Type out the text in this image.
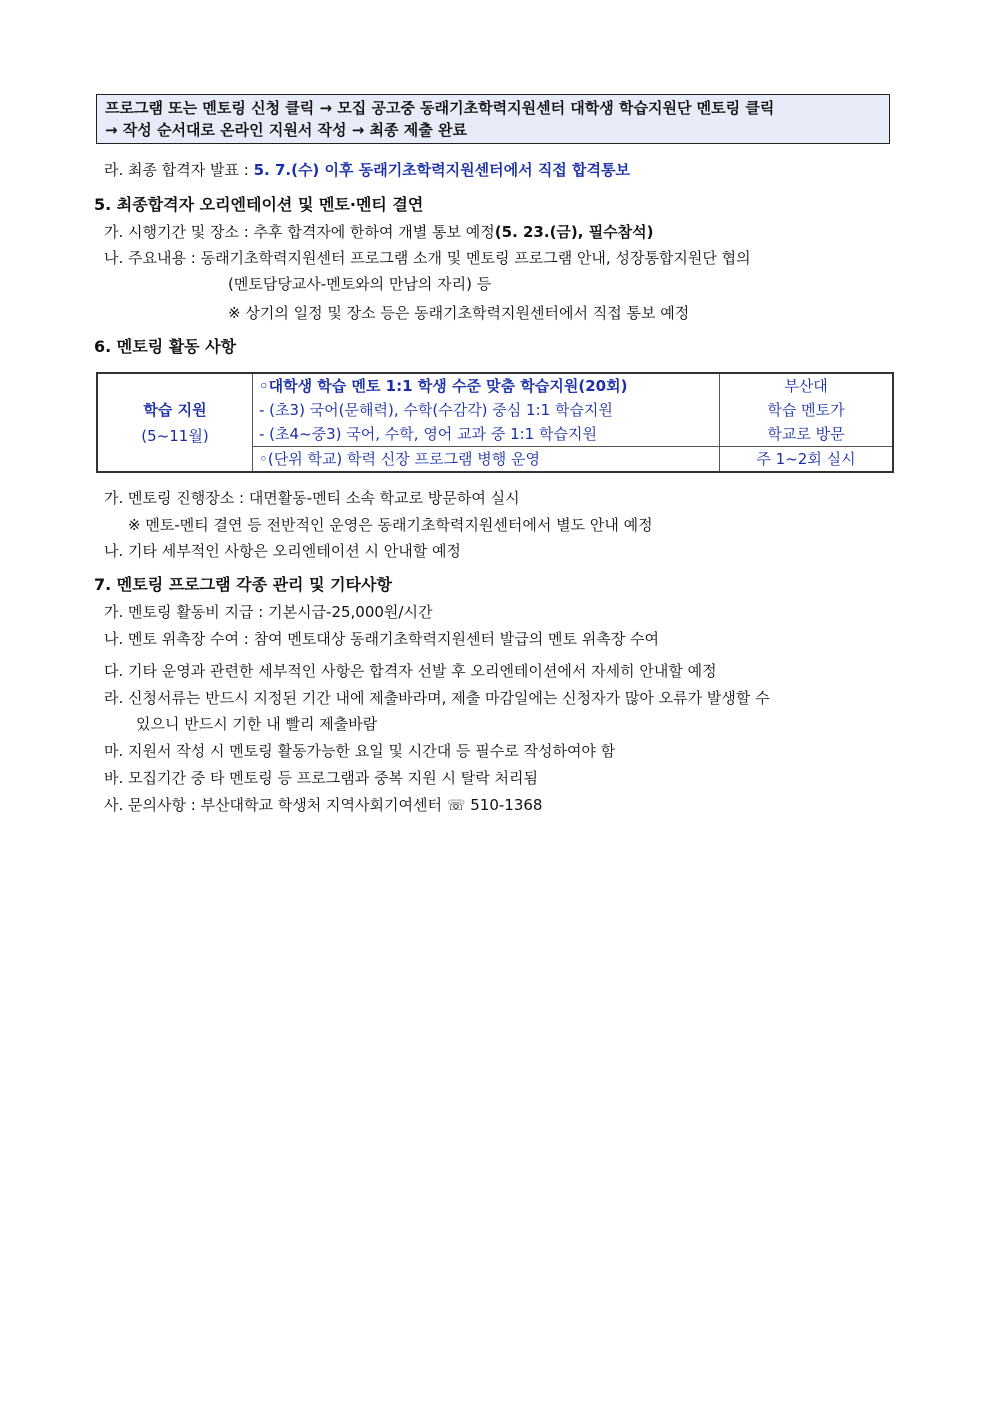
프로그램 또는 멘토링 신청 클릭 → 모집 공고중 동래기초학력지원센터 대학생 학습지원단 멘토링 클릭
→ 작성 순서대로 온라인 지원서 작성 → 최종 제출 완료
라. 최종 합격자 발표 : 5. 7.(수) 이후 동래기초학력지원센터에서 직접 합격통보
5. 최종합격자 오리엔테이션 및 멘토·멘티 결연
가. 시행기간 및 장소 : 추후 합격자에 한하여 개별 통보 예정(5. 23.(금), 필수참석)
나. 주요내용 : 동래기초학력지원센터 프로그램 소개 및 멘토링 프로그램 안내, 성장통합지원단 협의
(멘토담당교사-멘토와의 만남의 자리) 등
※ 상기의 일정 및 장소 등은 동래기초학력지원센터에서 직접 통보 예정
6. 멘토링 활동 사항
학습 지원
(5~11월)	◦대학생 학습 멘토 1:1 학생 수준 맞춤 학습지원(20회)	부산대
	- (초3) 국어(문해력), 수학(수감각) 중심 1:1 학습지원	학습 멘토가
	- (초4~중3) 국어, 수학, 영어 교과 중 1:1 학습지원	학교로 방문
	◦(단위 학교) 학력 신장 프로그램 병행 운영	주 1~2회 실시
가. 멘토링 진행장소 : 대면활동-멘티 소속 학교로 방문하여 실시
※ 멘토-멘티 결연 등 전반적인 운영은 동래기초학력지원센터에서 별도 안내 예정
나. 기타 세부적인 사항은 오리엔테이션 시 안내할 예정
7. 멘토링 프로그램 각종 관리 및 기타사항
가. 멘토링 활동비 지급 : 기본시급-25,000원/시간
나. 멘토 위촉장 수여 : 참여 멘토대상 동래기초학력지원센터 발급의 멘토 위촉장 수여
다. 기타 운영과 관련한 세부적인 사항은 합격자 선발 후 오리엔테이션에서 자세히 안내할 예정
라. 신청서류는 반드시 지정된 기간 내에 제출바라며, 제출 마감일에는 신청자가 많아 오류가 발생할 수
있으니 반드시 기한 내 빨리 제출바람
마. 지원서 작성 시 멘토링 활동가능한 요일 및 시간대 등 필수로 작성하여야 함
바. 모집기간 중 타 멘토링 등 프로그램과 중복 지원 시 탈락 처리됨
사. 문의사항 : 부산대학교 학생처 지역사회기여센터 ☏ 510-1368
